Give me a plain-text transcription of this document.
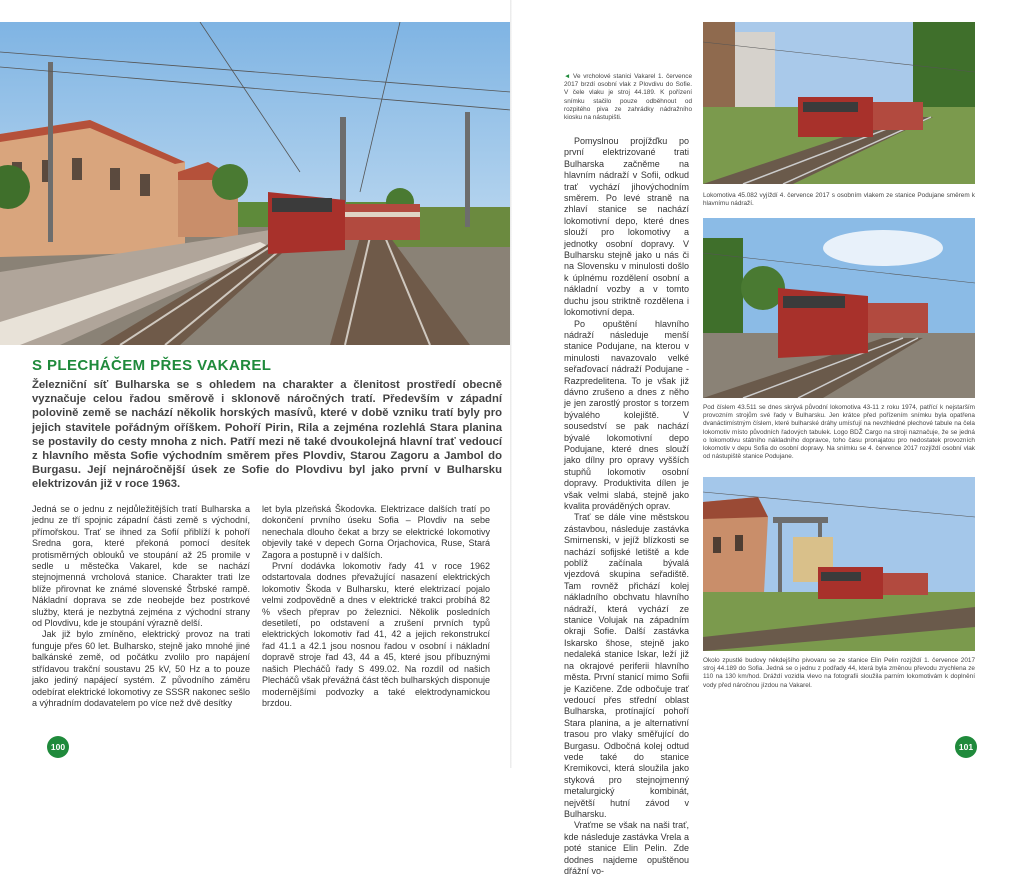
S PLECHÁČEM PŘES VAKAREL

Železniční síť Bulharska se s ohledem na charakter a členitost prostředí obecně vyznačuje celou řadou směrově i sklonově náročných tratí. Především v západní polovině země se nachází několik horských masívů, které v době vzniku tratí byly pro jejich stavitele pořádným oříškem. Pohoří Pirin, Rila a zejména rozlehlá Stara planina se postavily do cesty mnoha z nich. Patří mezi ně také dvoukolejná hlavní trať vedoucí z hlavního města Sofie východním směrem přes Plovdiv, Starou Zagoru a Jambol do Burgasu. Její nejnáročnější úsek ze Sofie do Plovdivu byl jako první v Bulharsku elektrizován již v roce 1963.

Jedná se o jednu z nejdůležitějších tratí Bulharska a jednu ze tří spojnic západní části země s východní, přímořskou. Trať se ihned za Sofií přiblíží k pohoří Sredna gora, které překoná pomocí desítek protisměrných oblouků ve stoupání až 25 promile v sedle u městečka Vakarel, kde se nachází stejnojmenná vrcholová stanice. Charakter trati lze blíže přirovnat ke známé slovenské Štrbské rampě. Nákladní doprava se zde neobejde bez postrkové služby, která je nezbytná zejména z východní strany od Plovdivu, kde je stoupání výrazně delší.

Jak již bylo zmíněno, elektrický provoz na trati funguje přes 60 let. Bulharsko, stejně jako mnohé jiné balkánské země, od počátku zvolilo pro napájení střídavou trakční soustavu 25 kV, 50 Hz a to pouze jako jediný napájecí systém. Z původního záměru odebírat elektrické lokomotivy ze SSSR nakonec sešlo a výhradním dodavatelem po více než dvě desítky

let byla plzeňská Škodovka. Elektrizace dalších tratí po dokončení prvního úseku Sofia – Plovdiv na sebe nenechala dlouho čekat a brzy se elektrické lokomotivy objevily také v depech Gorna Orjachovica, Ruse, Stará Zagora a postupně i v dalších.

První dodávka lokomotiv řady 41 v roce 1962 odstartovala dodnes převažující nasazení elektrických lokomotiv Škoda v Bulharsku, které elektrizací pojalo velmi zodpovědně a dnes v elektrické trakci probíhá 82 % všech přeprav po železnici. Několik posledních desetiletí, po odstavení a zrušení prvních typů elektrických lokomotiv řad 41, 42 a jejich rekonstrukcí řad 41.1 a 42.1 jsou nosnou řadou v osobní i nákladní dopravě stroje řad 43, 44 a 45, které jsou příbuznými našich Plecháčů řady S 499.02. Na rozdíl od našich Plecháčů však převážná část těch bulharských disponuje modernějšími podvozky a také elektrodynamickou brzdou.

100

◄ Ve vrcholové stanici Vakarel 1. července 2017 brzdí osobní vlak z Plovdivu do Sofie. V čele vlaku je stroj 44.189. K pořízení snímku stačilo pouze odběhnout od rozpitého piva ze zahrádky nádražního kiosku na nástupišti.

Pomyslnou projížďku po první elektrizované trati Bulharska začněme na hlavním nádraží v Sofii, odkud trať vychází jihovýchodním směrem. Po levé straně na zhlaví stanice se nachází lokomotivní depo, které dnes slouží pro lokomotivy a jednotky osobní dopravy. V Bulharsku stejně jako u nás či na Slovensku v minulosti došlo k úplnému rozdělení osobní a nákladní vozby a v tomto duchu jsou striktně rozdělena i lokomotivní depa.

Po opuštění hlavního nádraží následuje menší stanice Podujane, na kterou v minulosti navazovalo velké seřaďovací nádraží Podujane - Razpredelitena. To je však již dávno zrušeno a dnes z něho je jen zarostlý prostor s torzem bývalého kolejiště. V sousedství se pak nachází bývalé lokomotivní depo Podujane, které dnes slouží jako dílny pro opravy vyšších stupňů lokomotiv osobní dopravy. Produktivita dílen je však velmi slabá, stejně jako kvalita prováděných oprav.

Trať se dále vine městskou zástavbou, následuje zastávka Smirnenski, v jejíž blízkosti se nachází sofijské letiště a kde poblíž začínala bývalá vjezdová skupina seřadiště. Tam rovněž přichází kolej nákladního obchvatu hlavního nádraží, která vychází ze stanice Volujak na západním okraji Sofie. Další zastávka Iskarsko šhose, stejně jako nedaleká stanice Iskar, leží již na okrajové periferii hlavního města. První stanicí mimo Sofii je Kazičene. Zde odbočuje trať vedoucí přes střední oblast Bulharska, protínající pohoří Stara planina, a je alternativní trasou pro vlaky směřující do Burgasu. Odbočná kolej odtud vede také do stanice Kremikovci, která sloužila jako styková pro stejnojmenný metalurgický kombinát, největší hutní závod v Bulharsku.

Vraťme se však na naši trať, kde následuje zastávka Vrela a poté stanice Elin Pelin. Zde dodnes najdeme opuštěnou dřážní vo-

Lokomotiva 45.082 vyjíždí 4. července 2017 s osobním vlakem ze stanice Podujane směrem k hlavnímu nádraží.

Pod číslem 43.511 se dnes skrývá původní lokomotiva 43-11 z roku 1974, patřící k nejstarším provozním strojům své řady v Bulharsku. Jen krátce před pořízením snímku byla opatřena dvanáctimístným číslem, které bulharské dráhy umísťují na nevzhledné plechové tabule na čela lokomotiv místo původních řadových tabulek. Logo BDŽ Cargo na stroji naznačuje, že se jedná o lokomotivu státního nákladního dopravce, toho času pronajatou pro nedostatek provozních lokomotiv v depu Sofia do osobní dopravy. Na snímku se 4. července 2017 rozjíždí osobní vlak od nástupiště stanice Podujane.

Okolo zpustlé budovy někdejšího pivovaru se ze stanice Elin Pelin rozjíždí 1. července 2017 stroj 44.189 do Sofia. Jedná se o jednu z podřady 44, která byla změnou převodu zrychlena ze 110 na 130 km/hod. Dráždí vozidla vlevo na fotografii sloužila parním lokomotivám k doplnění vody před náročnou jízdou na Vakarel.

101
